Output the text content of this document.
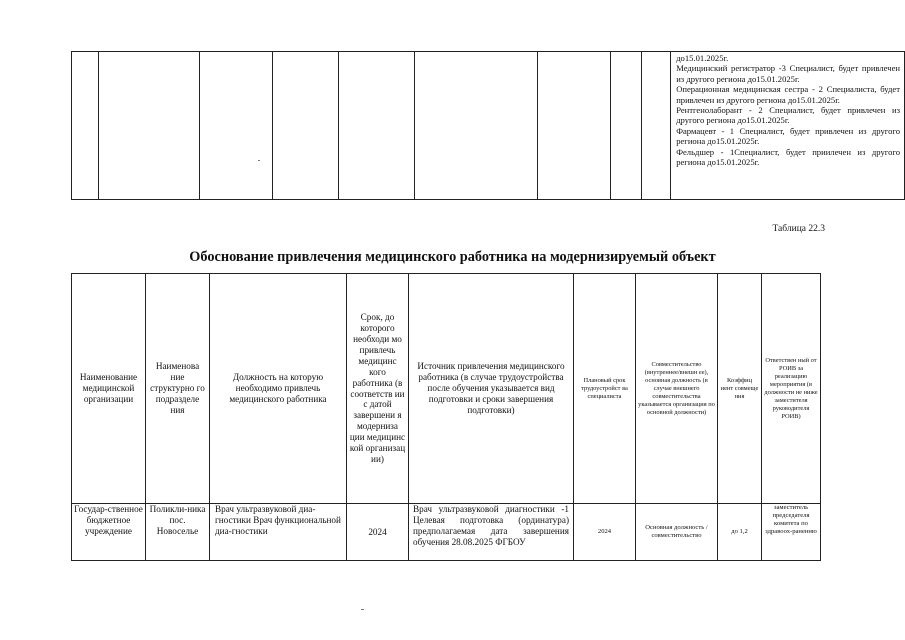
до15.01.2025г.

Медицинский регистратор -3 Специалист, будет привлечен из другого региона до15.01.2025г.

Операционная медицинская сестра - 2 Специалиста, будет привлечен из другого региона до15.01.2025г.

Рентгенолаборант - 2 Специалист, будет привлечен из другого региона до15.01.2025г.

Фармацевт - 1 Специалист, будет привлечен из другого региона до15.01.2025г.

Фельдшер - 1Специалист, будет приилечен из другого региона до15.01.2025г.

Таблица 22.3
Обоснование привлечения медицинского работника на модернизируемый объект
Наименование медицинской организации	Наименова ние структурно го подразделе ния	Должность на которую необходимо привлечь медицинского работника	Срок, до которого необходи мо привлечь медицинс кого работника (в соответств ии с датой завершени я модерниза ции медицинс кой организац ии)	Источник привлечения медицинского работника (в случае трудоустройства после обучения указывается вид подготовки и сроки завершения подготовки)	Плановый срок трудоустройст ва специалиста	Совместительство (внутреннее/внешн ее), основная должность (в случае внешнего совместительства указывается организация по основной должности)	Коэффиц иент совмеще ния	Ответствен ный от РОИВ за реализацию мероприятия (в должности не ниже заместителя руководителя РОИВ)
Государ-ственное бюджетное учреждение	Поликли-ника пос. Новоселье	Врач ультразвуковой диа-гностики Врач функциональной диа-гностики	2024	Врач ультразвуковой диагностики -1 Целевая подготовка (ординатура) предполагаемая дата завершения обучения 28.08.2025 ФГБОУ	2024	Основная должность / совместительство	до 1,2	заместитель председателя комитета по здравоох-раненню
